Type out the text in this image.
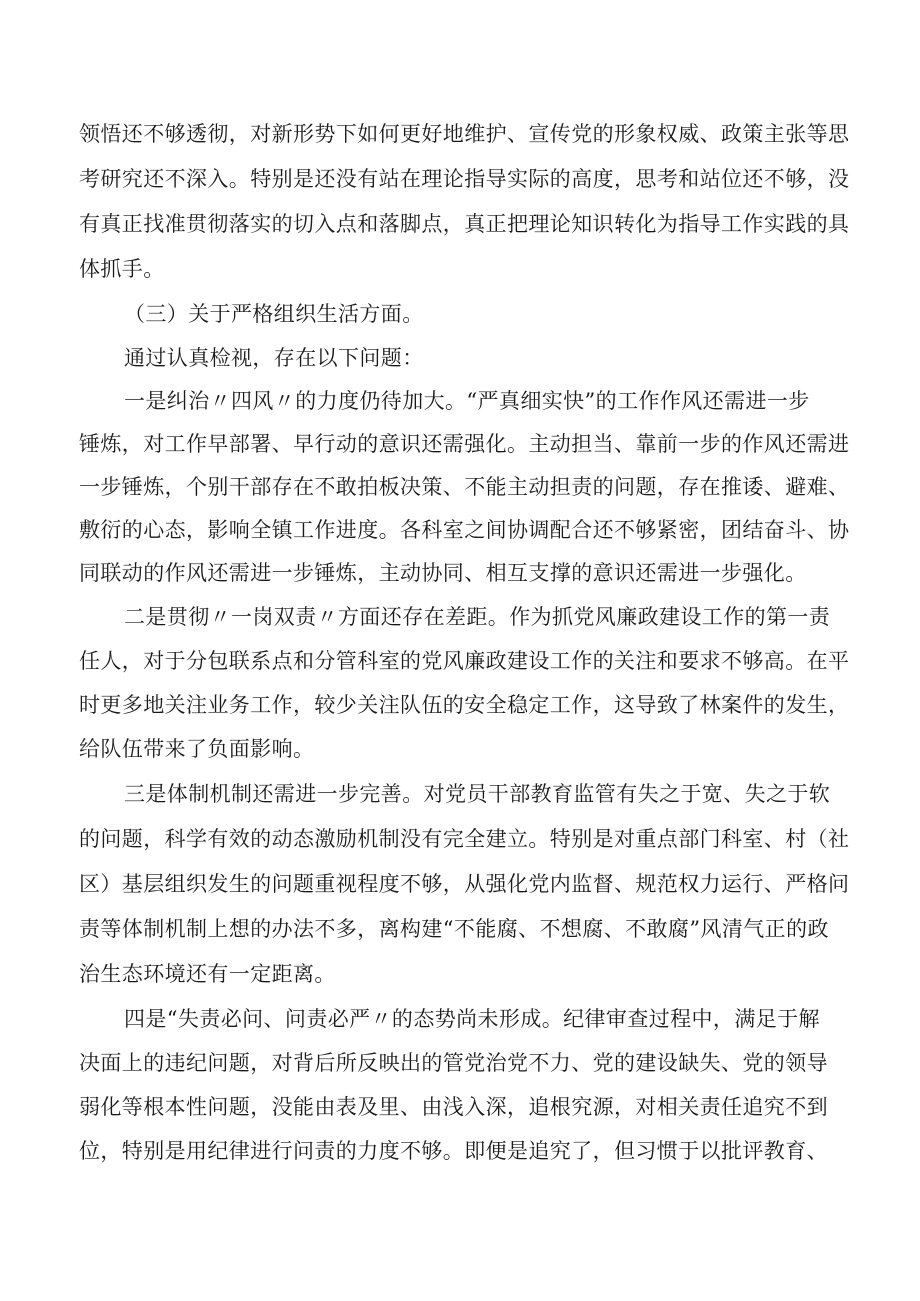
领悟还不够透彻，对新形势下如何更好地维护、宣传党的形象权威、政策主张等思

考研究还不深入。特别是还没有站在理论指导实际的高度，思考和站位还不够，没

有真正找准贯彻落实的切入点和落脚点，真正把理论知识转化为指导工作实践的具

体抓手。

（三）关于严格组织生活方面。

通过认真检视，存在以下问题：

一是纠治〃四风〃的力度仍待加大。“严真细实快”的工作作风还需进一步

锤炼，对工作早部署、早行动的意识还需强化。主动担当、靠前一步的作风还需进

一步锤炼，个别干部存在不敢拍板决策、不能主动担责的问题，存在推诿、避难、

敷衍的心态，影响全镇工作进度。各科室之间协调配合还不够紧密，团结奋斗、协

同联动的作风还需进一步锤炼，主动协同、相互支撑的意识还需进一步强化。

二是贯彻〃一岗双责〃方面还存在差距。作为抓党风廉政建设工作的第一责

任人，对于分包联系点和分管科室的党风廉政建设工作的关注和要求不够高。在平

时更多地关注业务工作，较少关注队伍的安全稳定工作，这导致了林案件的发生，

给队伍带来了负面影响。

三是体制机制还需进一步完善。对党员干部教育监管有失之于宽、失之于软

的问题，科学有效的动态激励机制没有完全建立。特别是对重点部门科室、村（社

区）基层组织发生的问题重视程度不够，从强化党内监督、规范权力运行、严格问

责等体制机制上想的办法不多，离构建“不能腐、不想腐、不敢腐”风清气正的政

治生态环境还有一定距离。

四是“失责必问、问责必严〃的态势尚未形成。纪律审查过程中，满足于解

决面上的违纪问题，对背后所反映出的管党治党不力、党的建设缺失、党的领导

弱化等根本性问题，没能由表及里、由浅入深，追根究源，对相关责任追究不到

位，特别是用纪律进行问责的力度不够。即便是追究了，但习惯于以批评教育、
